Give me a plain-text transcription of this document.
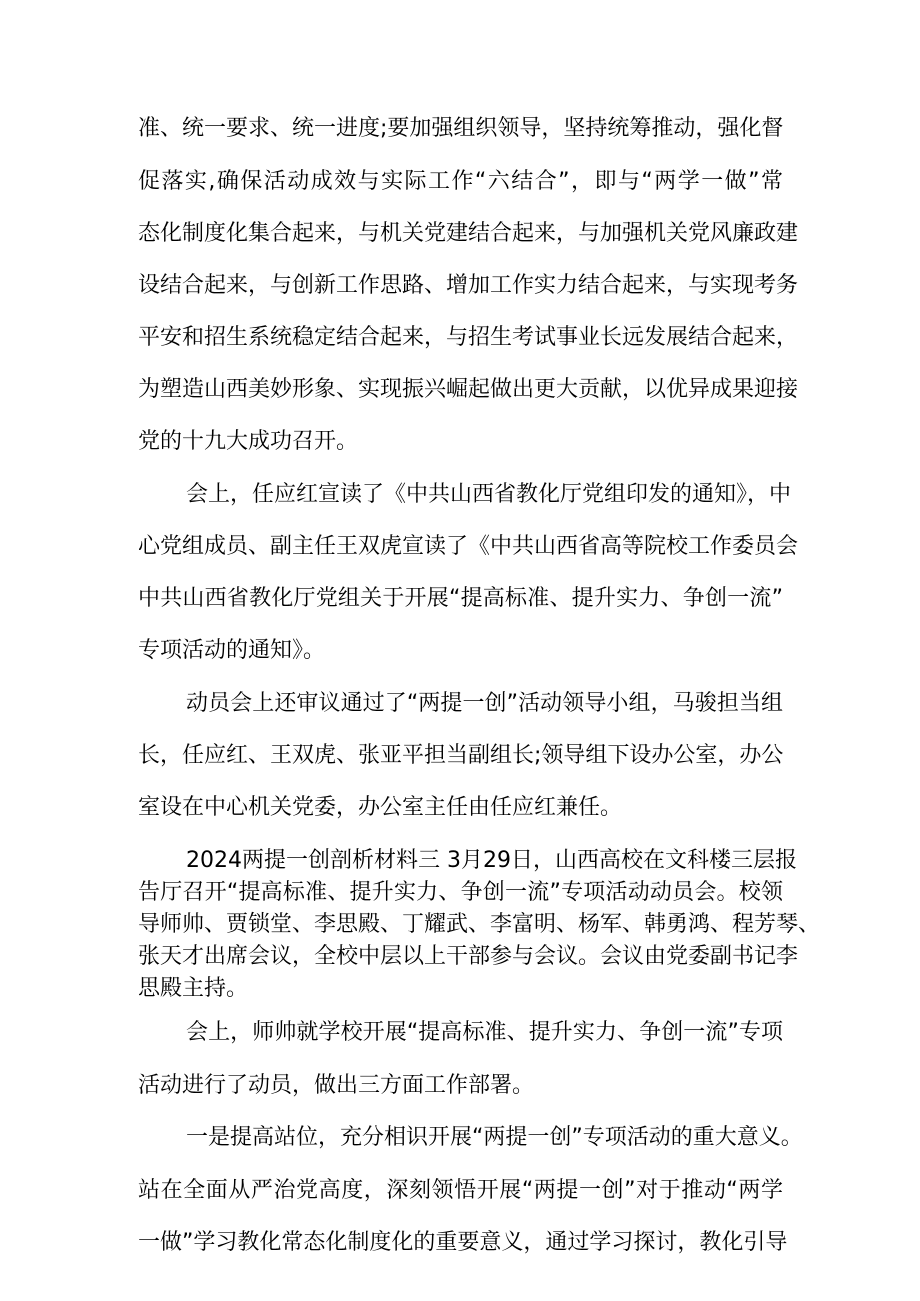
准、统一要求、统一进度;要加强组织领导，坚持统筹推动，强化督

促落实,确保活动成效与实际工作“六结合”，即与“两学一做”常

态化制度化集合起来，与机关党建结合起来，与加强机关党风廉政建

设结合起来，与创新工作思路、增加工作实力结合起来，与实现考务

平安和招生系统稳定结合起来，与招生考试事业长远发展结合起来，

为塑造山西美妙形象、实现振兴崛起做出更大贡献，以优异成果迎接

党的十九大成功召开。

会上，任应红宣读了《中共山西省教化厅党组印发的通知》，中

心党组成员、副主任王双虎宣读了《中共山西省高等院校工作委员会

中共山西省教化厅党组关于开展“提高标准、提升实力、争创一流”

专项活动的通知》。

动员会上还审议通过了“两提一创”活动领导小组，马骏担当组

长，任应红、王双虎、张亚平担当副组长;领导组下设办公室，办公

室设在中心机关党委，办公室主任由任应红兼任。

2024两提一创剖析材料三 3月29日，山西高校在文科楼三层报

告厅召开“提高标准、提升实力、争创一流”专项活动动员会。校领

导师帅、贾锁堂、李思殿、丁耀武、李富明、杨军、韩勇鸿、程芳琴、

张天才出席会议，全校中层以上干部参与会议。会议由党委副书记李

思殿主持。

会上，师帅就学校开展“提高标准、提升实力、争创一流”专项

活动进行了动员，做出三方面工作部署。

一是提高站位，充分相识开展“两提一创”专项活动的重大意义。

站在全面从严治党高度，深刻领悟开展“两提一创”对于推动“两学

一做”学习教化常态化制度化的重要意义，通过学习探讨，教化引导
